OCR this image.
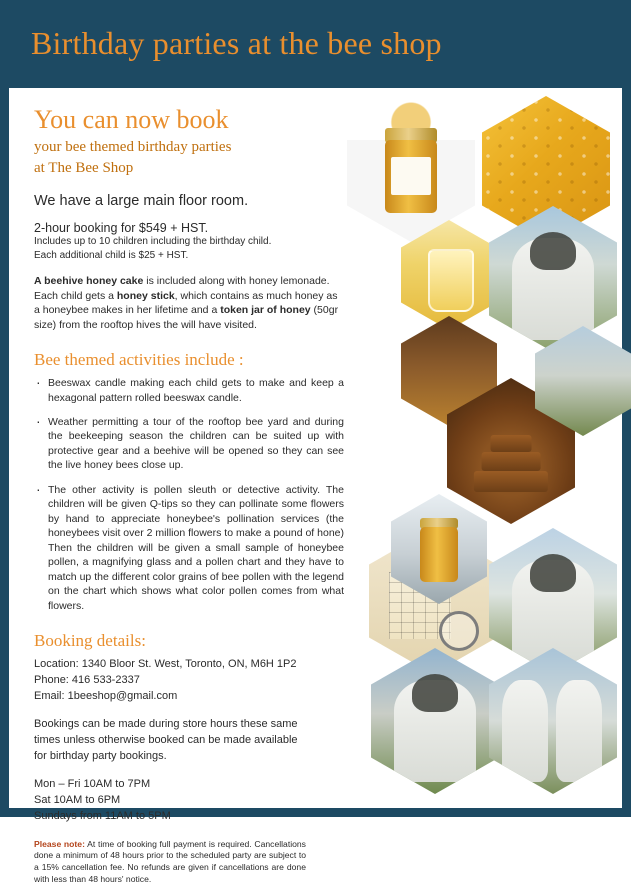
Birthday parties at the bee shop
You can now book
your bee themed birthday parties
at The Bee Shop
We have a large main floor room.
2-hour booking for $549 + HST.
Includes up to 10 children including the birthday child.
Each additional child is $25 + HST.
A beehive honey cake is included along with honey lemonade. Each child gets a honey stick, which contains as much honey as a honeybee makes in her lifetime and a token jar of honey (50gr size) from the rooftop hives the will have visited.
Bee themed activities include :
· Beeswax candle making each child gets to make and keep a hexagonal pattern rolled beeswax candle.
· Weather permitting a tour of the rooftop bee yard and during the beekeeping season the children can be suited up with protective gear and a beehive will be opened so they can see the live honey bees close up.
· The other activity is pollen sleuth or detective activity. The children will be given Q-tips so they can pollinate some flowers by hand to appreciate honeybee's pollination services (the honeybees visit over 2 million flowers to make a pound of hone) Then the children will be given a small sample of honeybee pollen, a magnifying glass and a pollen chart and they have to match up the different color grains of bee pollen with the legend on the chart which shows what color pollen comes from what flowers.
Booking details:
Location: 1340 Bloor St. West, Toronto, ON, M6H 1P2
Phone: 416 533-2337
Email: 1beeshop@gmail.com
Bookings can be made during store hours these same
times unless otherwise booked can be made available
for birthday party bookings.
Mon – Fri 10AM to 7PM
Sat 10AM to 6PM
Sundays from 11AM to 5PM
Please note: At time of booking full payment is required. Cancellations done a minimum of 48 hours prior to the scheduled party are subject to a 15% cancellation fee. No refunds are given if cancellations are done with less than 48 hours' notice.
